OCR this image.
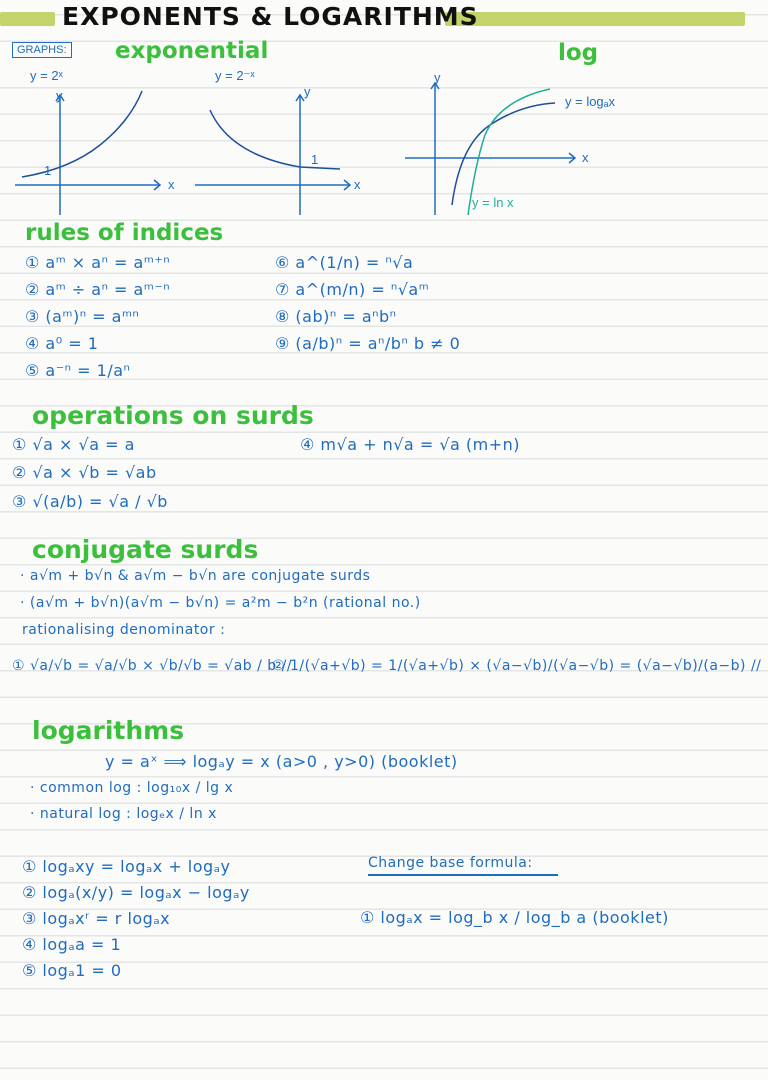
EXPONENTS & LOGARITHMS
GRAPHS: exponential	log
y = 2ˣ
x
y
1
y = 2⁻ˣ
x
y
1
y = logₐx
y = ln x
x
y
rules of indices
① aᵐ × aⁿ = aᵐ⁺ⁿ
② aᵐ ÷ aⁿ = aᵐ⁻ⁿ
③ (aᵐ)ⁿ = aᵐⁿ
④ a⁰ = 1
⑤ a⁻ⁿ = 1/aⁿ
⑥ a^(1/n) = ⁿ√a
⑦ a^(m/n) = ⁿ√aᵐ
⑧ (ab)ⁿ = aⁿbⁿ
⑨ (a/b)ⁿ = aⁿ/bⁿ b ≠ 0
operations on surds
① √a × √a = a
② √a × √b = √ab
③ √(a/b) = √a / √b
④ m√a + n√a = √a (m+n)
conjugate surds
· a√m + b√n & a√m − b√n are conjugate surds
· (a√m + b√n)(a√m − b√n) = a²m − b²n (rational no.)
rationalising denominator :
① √a/√b = √a/√b × √b/√b = √ab / b //
② 1/(√a+√b) = 1/(√a+√b) × (√a−√b)/(√a−√b) = (√a−√b)/(a−b) //
logarithms
y = aˣ ⟹ logₐy = x (a>0 , y>0) (booklet)
· common log : log₁₀x / lg x
· natural log : logₑx / ln x
① logₐxy = logₐx + logₐy
② logₐ(x/y) = logₐx − logₐy
③ logₐxʳ = r logₐx
④ logₐa = 1
⑤ logₐ1 = 0
Change base formula:
① logₐx = log_b x / log_b a (booklet)
